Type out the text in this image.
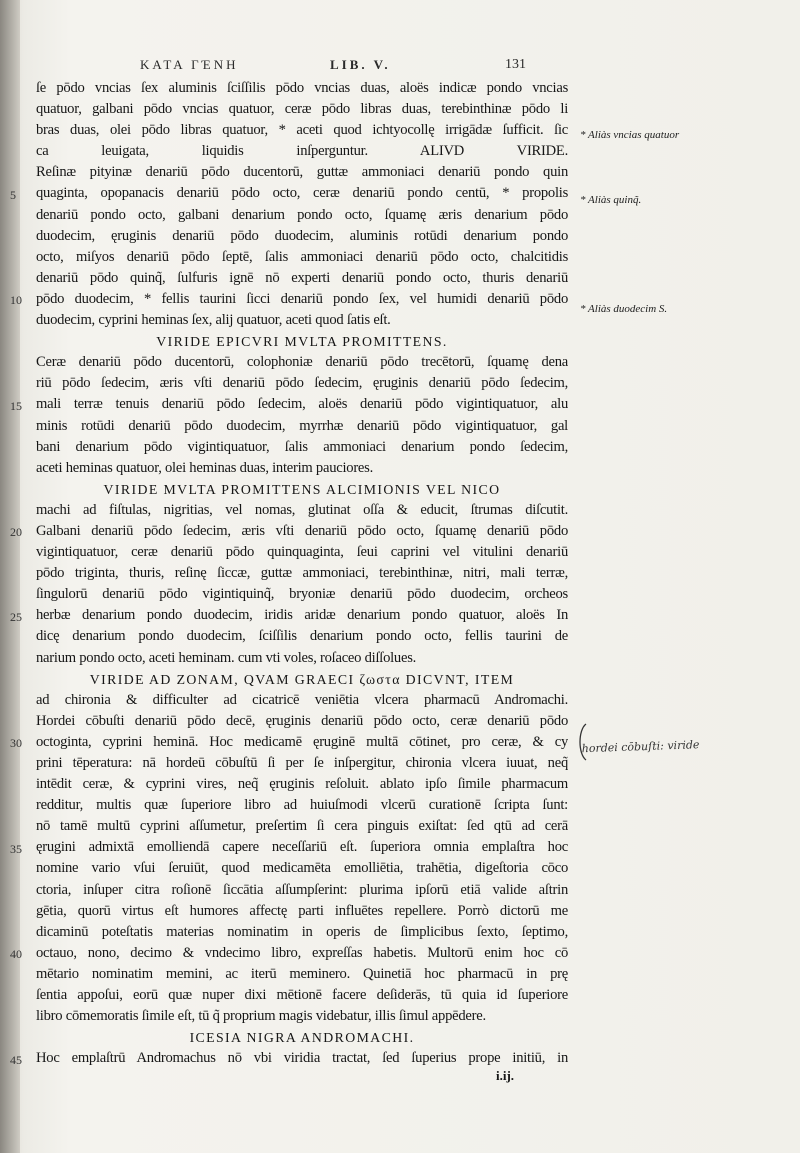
ΚΑΤΑ ΓΈΝΗ	LIB. V.	131
ſe pōdo vncias ſex aluminis ſciſſilis pōdo vncias duas, aloës indicæ pondo vncias
quatuor, galbani pōdo vncias quatuor, ceræ pōdo libras duas, terebinthinæ pōdo li
bras duas, olei pōdo libras quatuor, * aceti quod ichtyocollę irrigādæ ſufficit. ſic
ca leuigata, liquidis inſperguntur. ALIVD VIRIDE.
Reſinæ pityinæ denariū pōdo ducentorū, guttæ ammoniaci denariū pondo quin
quaginta, opopanacis denariū pōdo octo, ceræ denariū pondo centū, * propolis
denariū pondo octo, galbani denarium pondo octo, ſquamę æris denarium pōdo
duodecim, ęruginis denariū pōdo duodecim, aluminis rotūdi denarium pondo
octo, miſyos denariū pōdo ſeptē, ſalis ammoniaci denariū pōdo octo, chalcitidis
denariū pōdo quinq̃, ſulfuris ignē nō experti denariū pondo octo, thuris denariū
pōdo duodecim, * fellis taurini ſicci denariū pondo ſex, vel humidi denariū pōdo
duodecim, cyprini heminas ſex, alij quatuor, aceti quod ſatis eſt.
VIRIDE EPICVRI MVLTA PROMITTENS.
Ceræ denariū pōdo ducentorū, colophoniæ denariū pōdo trecētorū, ſquamę dena
riū pōdo ſedecim, æris vſti denariū pōdo ſedecim, ęruginis denariū pōdo ſedecim,
mali terræ tenuis denariū pōdo ſedecim, aloës denariū pōdo vigintiquatuor, alu
minis rotūdi denariū pōdo duodecim, myrrhæ denariū pōdo vigintiquatuor, gal
bani denarium pōdo vigintiquatuor, ſalis ammoniaci denarium pondo ſedecim,
aceti heminas quatuor, olei heminas duas, interim pauciores.
VIRIDE MVLTA PROMITTENS ALCIMIONIS VEL NICO
machi ad fiſtulas, nigritias, vel nomas, glutinat oſſa & educit, ſtrumas diſcutit.
Galbani denariū pōdo ſedecim, æris vſti denariū pōdo octo, ſquamę denariū pōdo
vigintiquatuor, ceræ denariū pōdo quinquaginta, ſeui caprini vel vitulini denariū
pōdo triginta, thuris, reſinę ſiccæ, guttæ ammoniaci, terebinthinæ, nitri, mali terræ,
ſingulorū denariū pōdo vigintiquinq̃, bryoniæ denariū pōdo duodecim, orcheos
herbæ denarium pondo duodecim, iridis aridæ denarium pondo quatuor, aloës In
dicę denarium pondo duodecim, ſciſſilis denarium pondo octo, fellis taurini de
narium pondo octo, aceti heminam. cum vti voles, roſaceo diſſolues.
VIRIDE AD ZONAM, QVAM GRAECI ζωστα DICVNT, ITEM
ad chironia & difficulter ad cicatricē veniētia vlcera pharmacū Andromachi.
Hordei cōbuſti denariū pōdo decē, ęruginis denariū pōdo octo, ceræ denariū pōdo
octoginta, cyprini heminā. Hoc medicamē ęruginē multā cōtinet, pro ceræ, & cy
prini tēperatura: nā hordeū cōbuſtū ſi per ſe inſpergitur, chironia vlcera iuuat, neq̃
intēdit ceræ, & cyprini vires, neq̃ ęruginis reſoluit. ablato ipſo ſimile pharmacum
redditur, multis quæ ſuperiore libro ad huiuſmodi vlcerū curationē ſcripta ſunt:
nō tamē multū cyprini aſſumetur, preſertim ſi cera pinguis exiſtat: ſed qtū ad cerā
ęrugini admixtā emolliendā capere neceſſariū eſt. ſuperiora omnia emplaſtra hoc
nomine vario vſui ſeruiūt, quod medicamēta emolliētia, trahētia, digeſtoria cōco
ctoria, inſuper citra roſionē ſiccātia aſſumpſerint: plurima ipſorū etiā valide aſtrin
gētia, quorū virtus eſt humores affectę parti influētes repellere. Porrò dictorū me
dicaminū poteſtatis materias nominatim in operis de ſimplicibus ſexto, ſeptimo,
octauo, nono, decimo & vndecimo libro, expreſſas habetis. Multorū enim hoc cō
mētario nominatim memini, ac iterū meminero. Quinetiā hoc pharmacū in prę
ſentia appoſui, eorū quæ nuper dixi mētionē facere deſiderās, tū quia id ſuperiore
libro cōmemoratis ſimile eſt, tū q̃ proprium magis videbatur, illis ſimul appēdere.
ICESIA NIGRA ANDROMACHI.
Hoc emplaſtrū Andromachus nō vbi viridia tractat, ſed ſuperius prope initiū, in
* Aliàs vncias quatuor
* Aliàs quinq̃.
* Aliàs duodecim S.
hordei cōbuſti: viride
i.ij.
5
10
15
20
25
30
35
40
45
